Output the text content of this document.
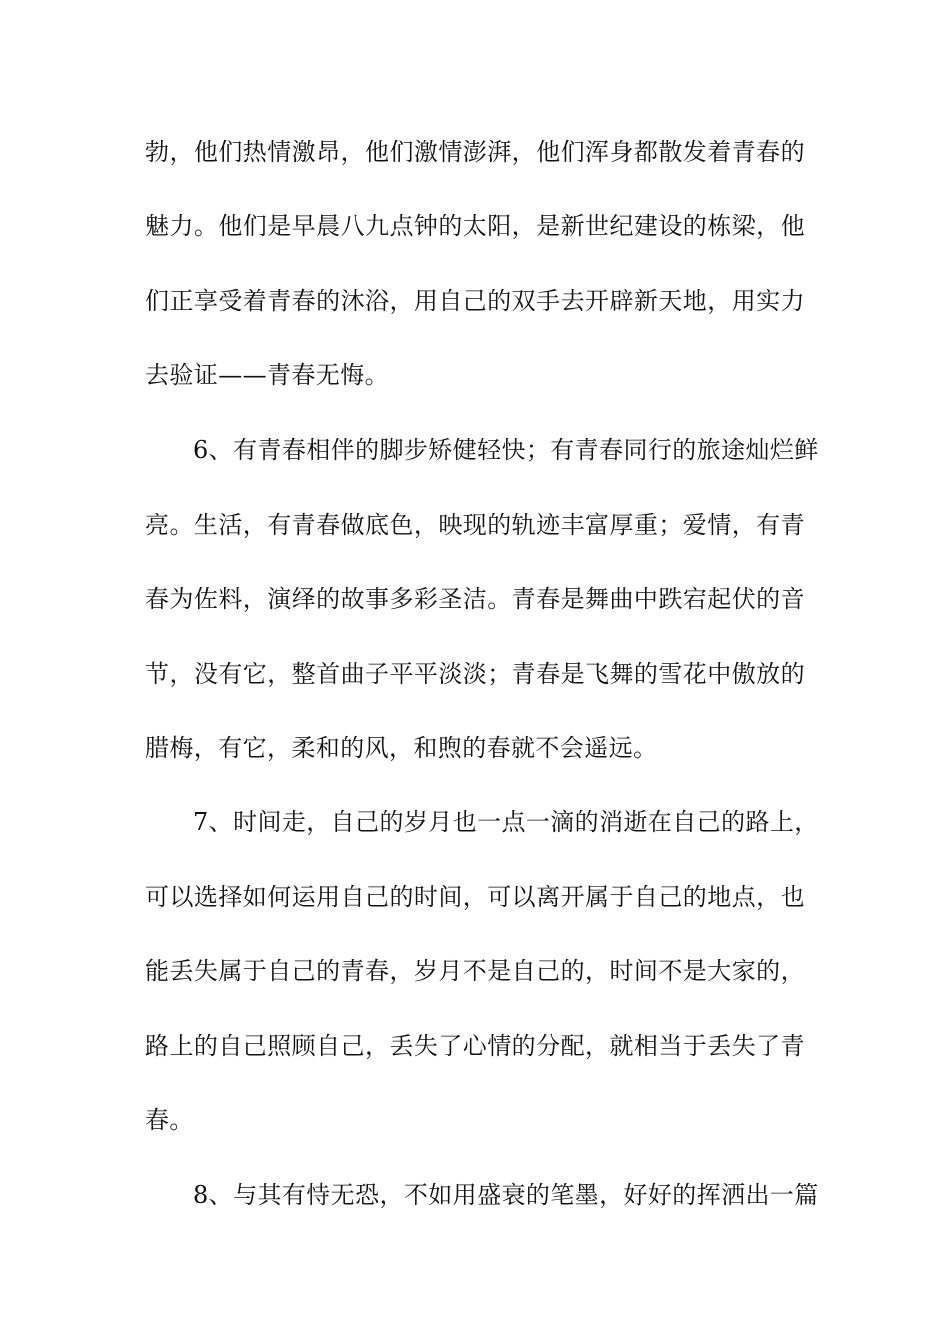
勃，他们热情激昂，他们激情澎湃，他们浑身都散发着青春的
魅力。他们是早晨八九点钟的太阳，是新世纪建设的栋梁，他
们正享受着青春的沐浴，用自己的双手去开辟新天地，用实力
去验证——青春无悔。
6、有青春相伴的脚步矫健轻快；有青春同行的旅途灿烂鲜
亮。生活，有青春做底色，映现的轨迹丰富厚重；爱情，有青
春为佐料，演绎的故事多彩圣洁。青春是舞曲中跌宕起伏的音
节，没有它，整首曲子平平淡淡；青春是飞舞的雪花中傲放的
腊梅，有它，柔和的风，和煦的春就不会遥远。
7、时间走，自己的岁月也一点一滴的消逝在自己的路上，
可以选择如何运用自己的时间，可以离开属于自己的地点，也
能丢失属于自己的青春，岁月不是自己的，时间不是大家的，
路上的自己照顾自己，丢失了心情的分配，就相当于丢失了青
春。
8、与其有恃无恐，不如用盛衰的笔墨，好好的挥洒出一篇
